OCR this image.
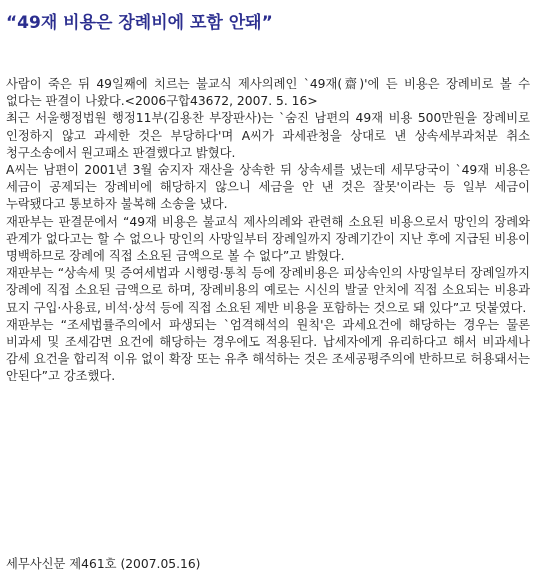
“49재 비용은 장례비에 포함 안돼”

사람이 죽은 뒤 49일째에 치르는 불교식 제사의례인 `49재(齋)'에 든 비용은 장례비로 볼 수 없다는 판결이 나왔다.<2006구합43672, 2007. 5. 16>

최근 서울행정법원 행정11부(김용찬 부장판사)는 `숨진 남편의 49재 비용 500만원을 장례비로 인정하지 않고 과세한 것은 부당하다'며 A씨가 과세관청을 상대로 낸 상속세부과처분 취소 청구소송에서 원고패소 판결했다고 밝혔다.

A씨는 남편이 2001년 3월 숨지자 재산을 상속한 뒤 상속세를 냈는데 세무당국이 `49재 비용은 세금이 공제되는 장례비에 해당하지 않으니 세금을 안 낸 것은 잘못'이라는 등 일부 세금이 누락됐다고 통보하자 불복해 소송을 냈다.

재판부는 판결문에서 “49재 비용은 불교식 제사의례와 관련해 소요된 비용으로서 망인의 장례와 관계가 없다고는 할 수 없으나 망인의 사망일부터 장례일까지 장례기간이 지난 후에 지급된 비용이 명백하므로 장례에 직접 소요된 금액으로 볼 수 없다”고 밝혔다.

재판부는 “상속세 및 증여세법과 시행령·통칙 등에 장례비용은 피상속인의 사망일부터 장례일까지 장례에 직접 소요된 금액으로 하며, 장례비용의 예로는 시신의 발굴 안치에 직접 소요되는 비용과 묘지 구입·사용료, 비석·상석 등에 직접 소요된 제반 비용을 포함하는 것으로 돼 있다”고 덧붙였다.

재판부는 “조세법률주의에서 파생되는 `엄격해석의 원칙'은 과세요건에 해당하는 경우는 물론 비과세 및 조세감면 요건에 해당하는 경우에도 적용된다. 납세자에게 유리하다고 해서 비과세나 감세 요건을 합리적 이유 없이 확장 또는 유추 해석하는 것은 조세공평주의에 반하므로 허용돼서는 안된다”고 강조했다.

세무사신문 제461호 (2007.05.16)
